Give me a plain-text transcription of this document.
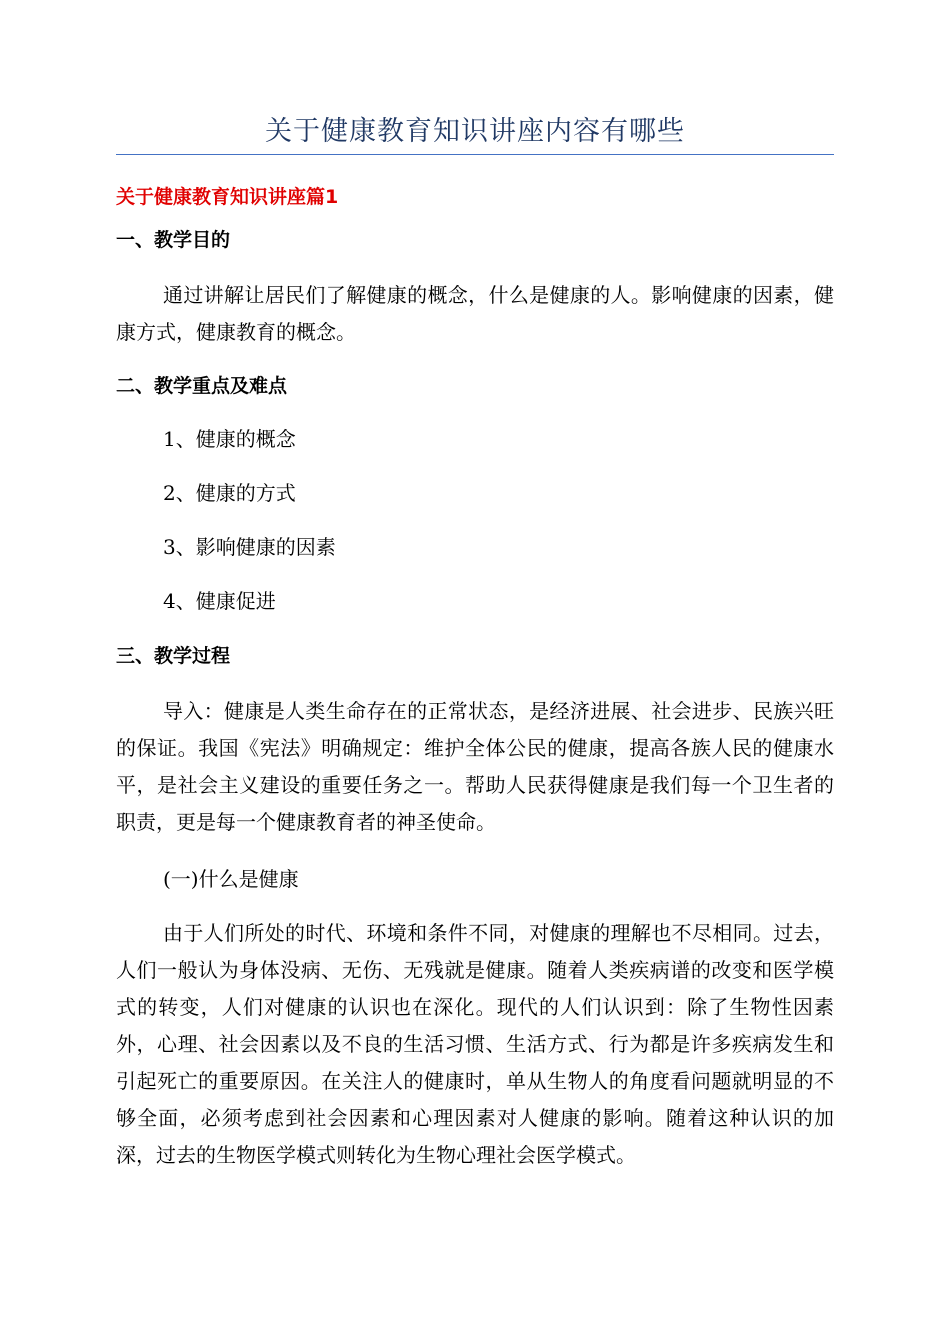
关于健康教育知识讲座内容有哪些
关于健康教育知识讲座篇1
一、教学目的
通过讲解让居民们了解健康的概念，什么是健康的人。影响健康的因素，健康方式，健康教育的概念。
二、教学重点及难点
1、健康的概念
2、健康的方式
3、影响健康的因素
4、健康促进
三、教学过程
导入：健康是人类生命存在的正常状态，是经济进展、社会进步、民族兴旺的保证。我国《宪法》明确规定：维护全体公民的健康，提高各族人民的健康水平，是社会主义建设的重要任务之一。帮助人民获得健康是我们每一个卫生者的职责，更是每一个健康教育者的神圣使命。
(一)什么是健康
由于人们所处的时代、环境和条件不同，对健康的理解也不尽相同。过去，人们一般认为身体没病、无伤、无残就是健康。随着人类疾病谱的改变和医学模式的转变，人们对健康的认识也在深化。现代的人们认识到：除了生物性因素外，心理、社会因素以及不良的生活习惯、生活方式、行为都是许多疾病发生和引起死亡的重要原因。在关注人的健康时，单从生物人的角度看问题就明显的不够全面，必须考虑到社会因素和心理因素对人健康的影响。随着这种认识的加深，过去的生物医学模式则转化为生物心理社会医学模式。
